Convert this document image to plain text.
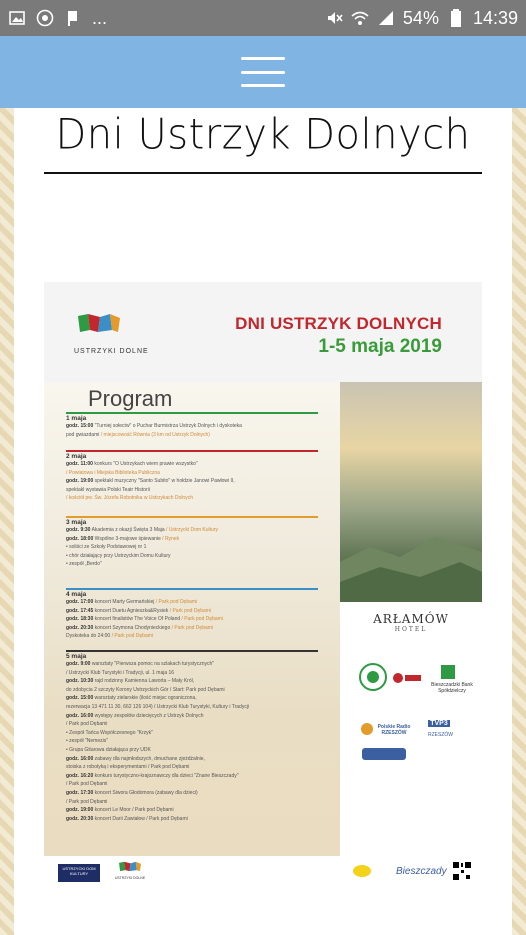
...	54% 14:39
Dni Ustrzyk Dolnych
USTRZYKI DOLNE
DNI USTRZYK DOLNYCH
1-5 maja 2019
Program
1 maja
godz. 15:00 "Turniej sołectw" o Puchar Burmistrza Ustrzyk Dolnych i dyskoteka
pod gwiazdami / miejscowość Równia (3 km od Ustrzyk Dolnych)
2 maja
godz. 11:00 konkurs "O Ustrzykach wiem prawie wszystko"
/ Powiatowa i Miejska Biblioteka Publiczna
godz. 19:00 spektakl muzyczny "Santo Subito" w hołdzie Janowi Pawłowi II,
spektakl wystawia Polski Teatr Historii
/ kościół pw. Św. Józefa Robotnika w Ustrzykach Dolnych
3 maja
godz. 9:30 Akademia z okazji Święta 3 Maja / Ustrzycki Dom Kultury
godz. 18:00 Wspólne 3-majowe śpiewanie / Rynek
• soliści ze Szkoły Podstawowej nr 1
• chór działający przy Ustrzyckim Domu Kultury
• zespół „Berdo"
4 maja
godz. 17:00 koncert Marty Germańskiej / Park pod Dębami
godz. 17:45 koncert Duetu Agnieszka&Rysiek / Park pod Dębami
godz. 18:30 koncert finalistów The Voice Of Poland / Park pod Dębami
godz. 20:30 koncert Szymona Chodynieckiego / Park pod Dębami
Dyskoteka do 24:00 / Park pod Dębami
5 maja
godz. 9:00 warsztaty "Pierwsza pomoc na szlakach turystycznych"
/ Ustrzycki Klub Turystyki i Tradycji, ul. 1 maja 16
godz. 10:30 rajd rodzinny Kamienna Laworta – Mały Król,
do zdobycia 2 szczyty Korony Ustrzyckich Gór / Start: Park pod Dębami
godz. 15:00 warsztaty zielarskie (ilość miejsc ograniczona,
rezerwacja 13 471 11 30, 662 126 104) / Ustrzycki Klub Turystyki, Kultury i Tradycji
godz. 16:00 występy zespołów dziecięcych z Ustrzyk Dolnych
/ Park pod Dębami
• Zespół Tańca Współczesnego "Krzyk"
• zespół "Nemezis"
• Grupa Gitarowa działająca przy UDK
godz. 16:00 zabawy dla najmłodszych, dmuchane zjeżdżalnie,
stoiska z robotyką i eksperymentami / Park pod Dębami
godz. 16:20 konkurs turystyczno-krajoznawczy dla dzieci "Znane Bieszczady"
/ Park pod Dębami
godz. 17:30 koncert Siwora Głodomora (zabawy dla dzieci)
/ Park pod Dębami
godz. 19:00 koncert Le Moor / Park pod Dębami
godz. 20:30 koncert Darii Zawiałow / Park pod Dębami
ARŁAMÓW
HOTEL
Bieszczadzki Bank Spółdzielczy
Polskie Radio RZESZÓW
TVP3
RZESZÓW
USTRZYCKI DOM KULTURY
USTRZYKI DOLNE
Bieszczady
